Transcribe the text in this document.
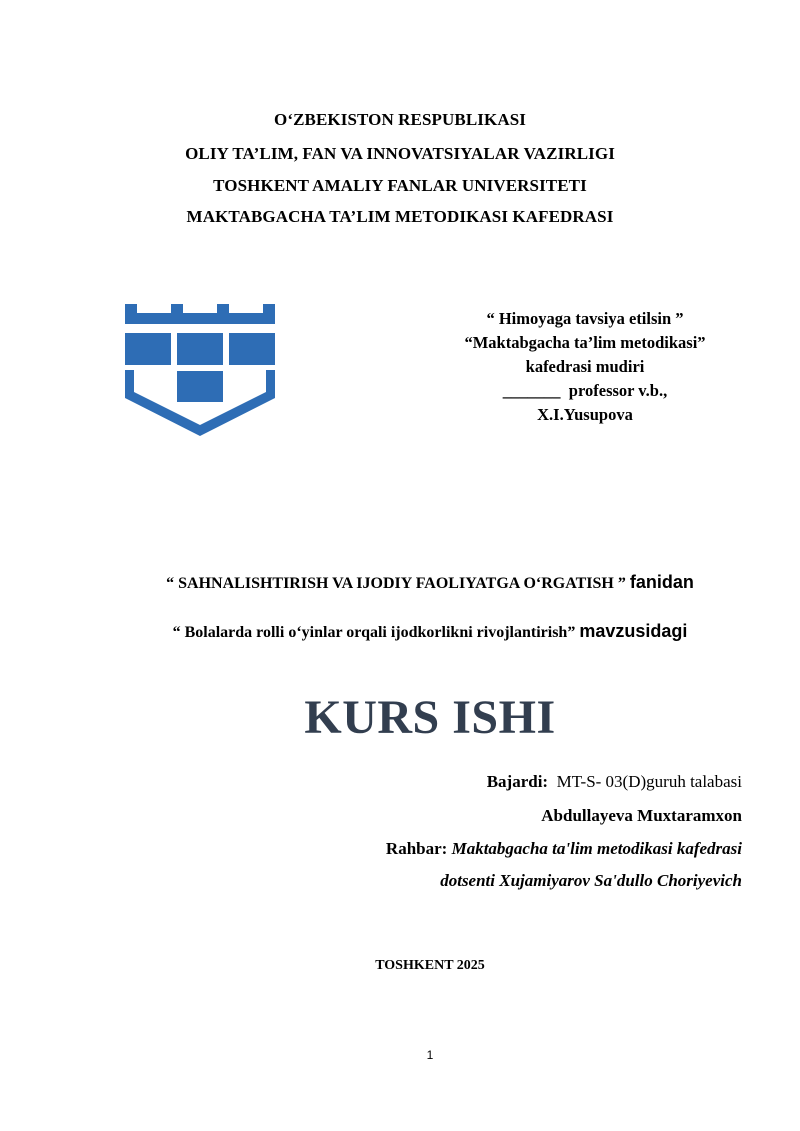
O‘ZBEKISTON RESPUBLIKASI
OLIY TA’LIM, FAN VA INNOVATSIYALAR VAZIRLIGI
TOSHKENT AMALIY FANLAR UNIVERSITETI
MAKTABGACHA TA’LIM METODIKASI KAFEDRASI
“ Himoyaga tavsiya etilsin ”
“Maktabgacha ta’lim metodikasi”
kafedrasi mudiri
_______ professor v.b.,
X.I.Yusupova
“ SAHNALISHTIRISH VA IJODIY FAOLIYATGA O‘RGATISH ” fanidan
“ Bolalarda rolli o‘yinlar orqali ijodkorlikni rivojlantirish” mavzusidagi
KURS ISHI
Bajardi: MT-S- 03(D)guruh talabasi
Abdullayeva Muxtaramxon
Rahbar: Maktabgacha ta'lim metodikasi kafedrasi
dotsenti Xujamiyarov Sa'dullo Choriyevich
TOSHKENT 2025
1
